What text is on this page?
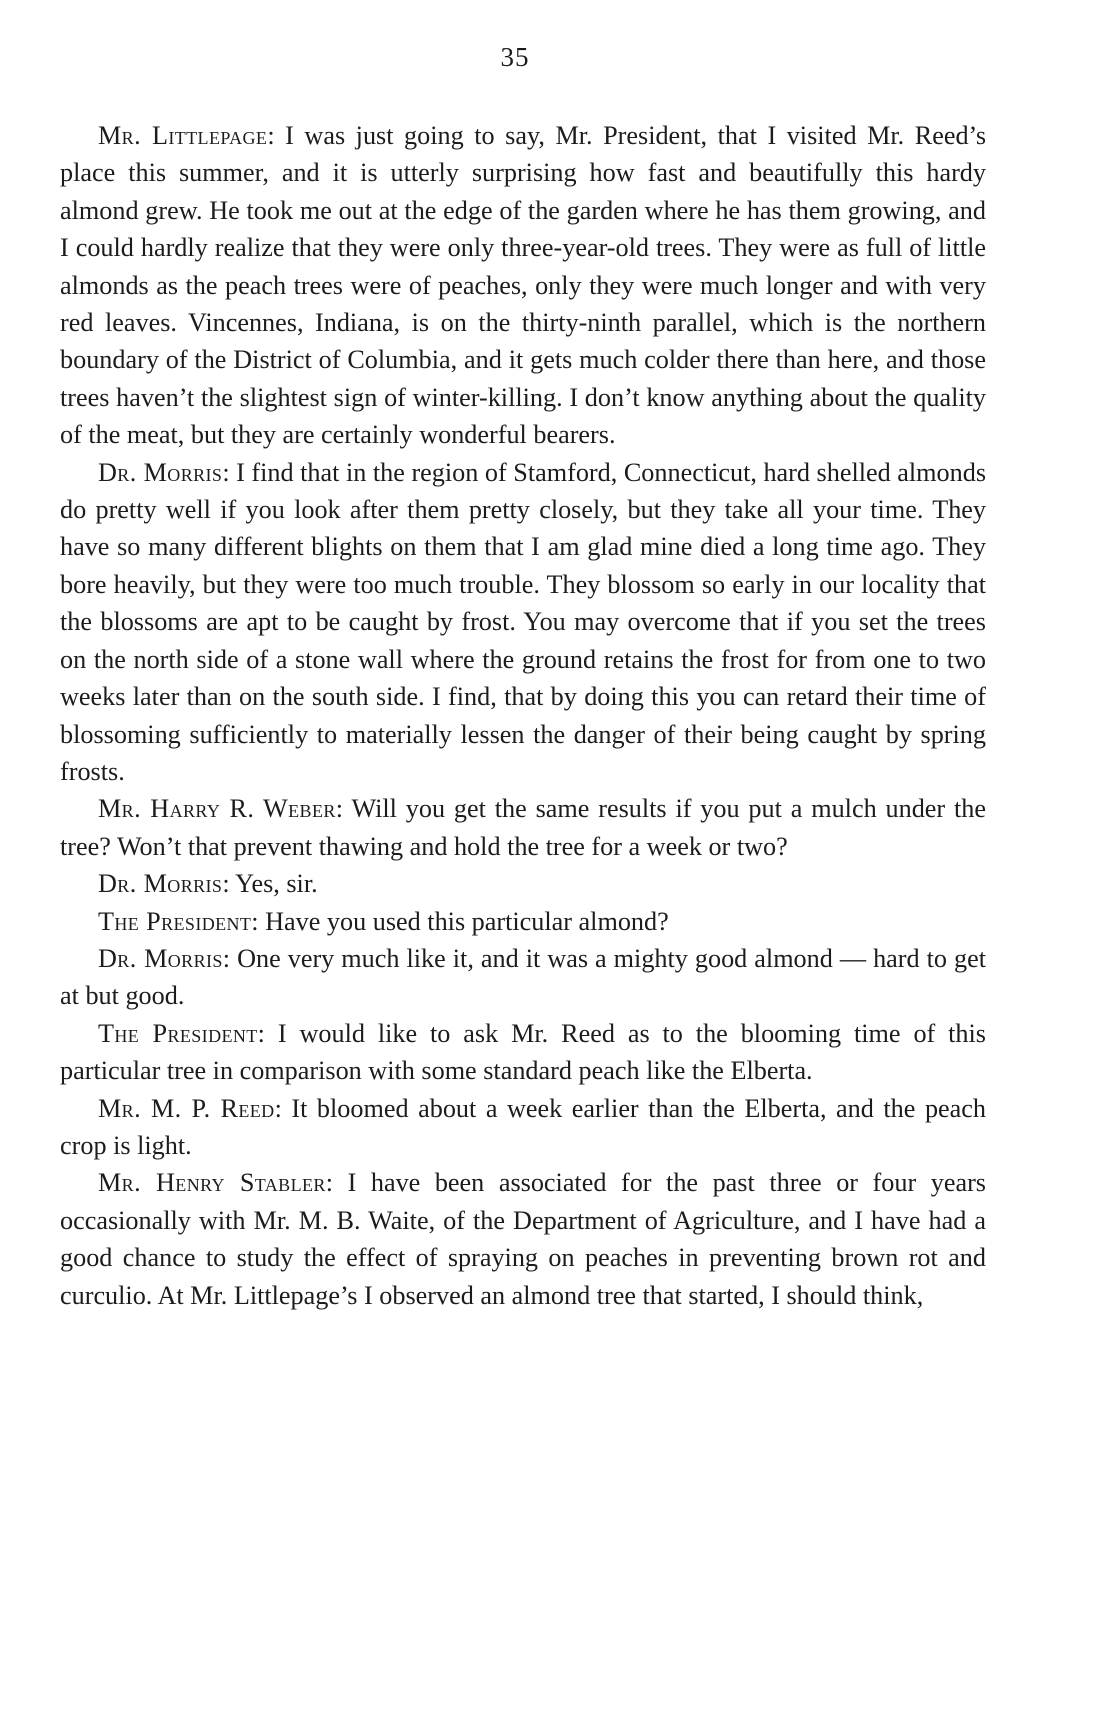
35

Mr. Littlepage: I was just going to say, Mr. President, that I visited Mr. Reed’s place this summer, and it is utterly surprising how fast and beautifully this hardy almond grew. He took me out at the edge of the garden where he has them growing, and I could hardly realize that they were only three-year-old trees. They were as full of little almonds as the peach trees were of peaches, only they were much longer and with very red leaves. Vincennes, Indiana, is on the thirty-ninth parallel, which is the northern boundary of the District of Columbia, and it gets much colder there than here, and those trees haven’t the slightest sign of winter-killing. I don’t know anything about the quality of the meat, but they are certainly wonderful bearers.

Dr. Morris: I find that in the region of Stamford, Connecticut, hard shelled almonds do pretty well if you look after them pretty closely, but they take all your time. They have so many different blights on them that I am glad mine died a long time ago. They bore heavily, but they were too much trouble. They blossom so early in our locality that the blossoms are apt to be caught by frost. You may overcome that if you set the trees on the north side of a stone wall where the ground retains the frost for from one to two weeks later than on the south side. I find, that by doing this you can retard their time of blossoming sufficiently to materially lessen the danger of their being caught by spring frosts.

Mr. Harry R. Weber: Will you get the same results if you put a mulch under the tree? Won’t that prevent thawing and hold the tree for a week or two?

Dr. Morris: Yes, sir.

The President: Have you used this particular almond?

Dr. Morris: One very much like it, and it was a mighty good almond — hard to get at but good.

The President: I would like to ask Mr. Reed as to the blooming time of this particular tree in comparison with some standard peach like the Elberta.

Mr. M. P. Reed: It bloomed about a week earlier than the Elberta, and the peach crop is light.

Mr. Henry Stabler: I have been associated for the past three or four years occasionally with Mr. M. B. Waite, of the Department of Agriculture, and I have had a good chance to study the effect of spraying on peaches in preventing brown rot and curculio. At Mr. Littlepage’s I observed an almond tree that started, I should think,
